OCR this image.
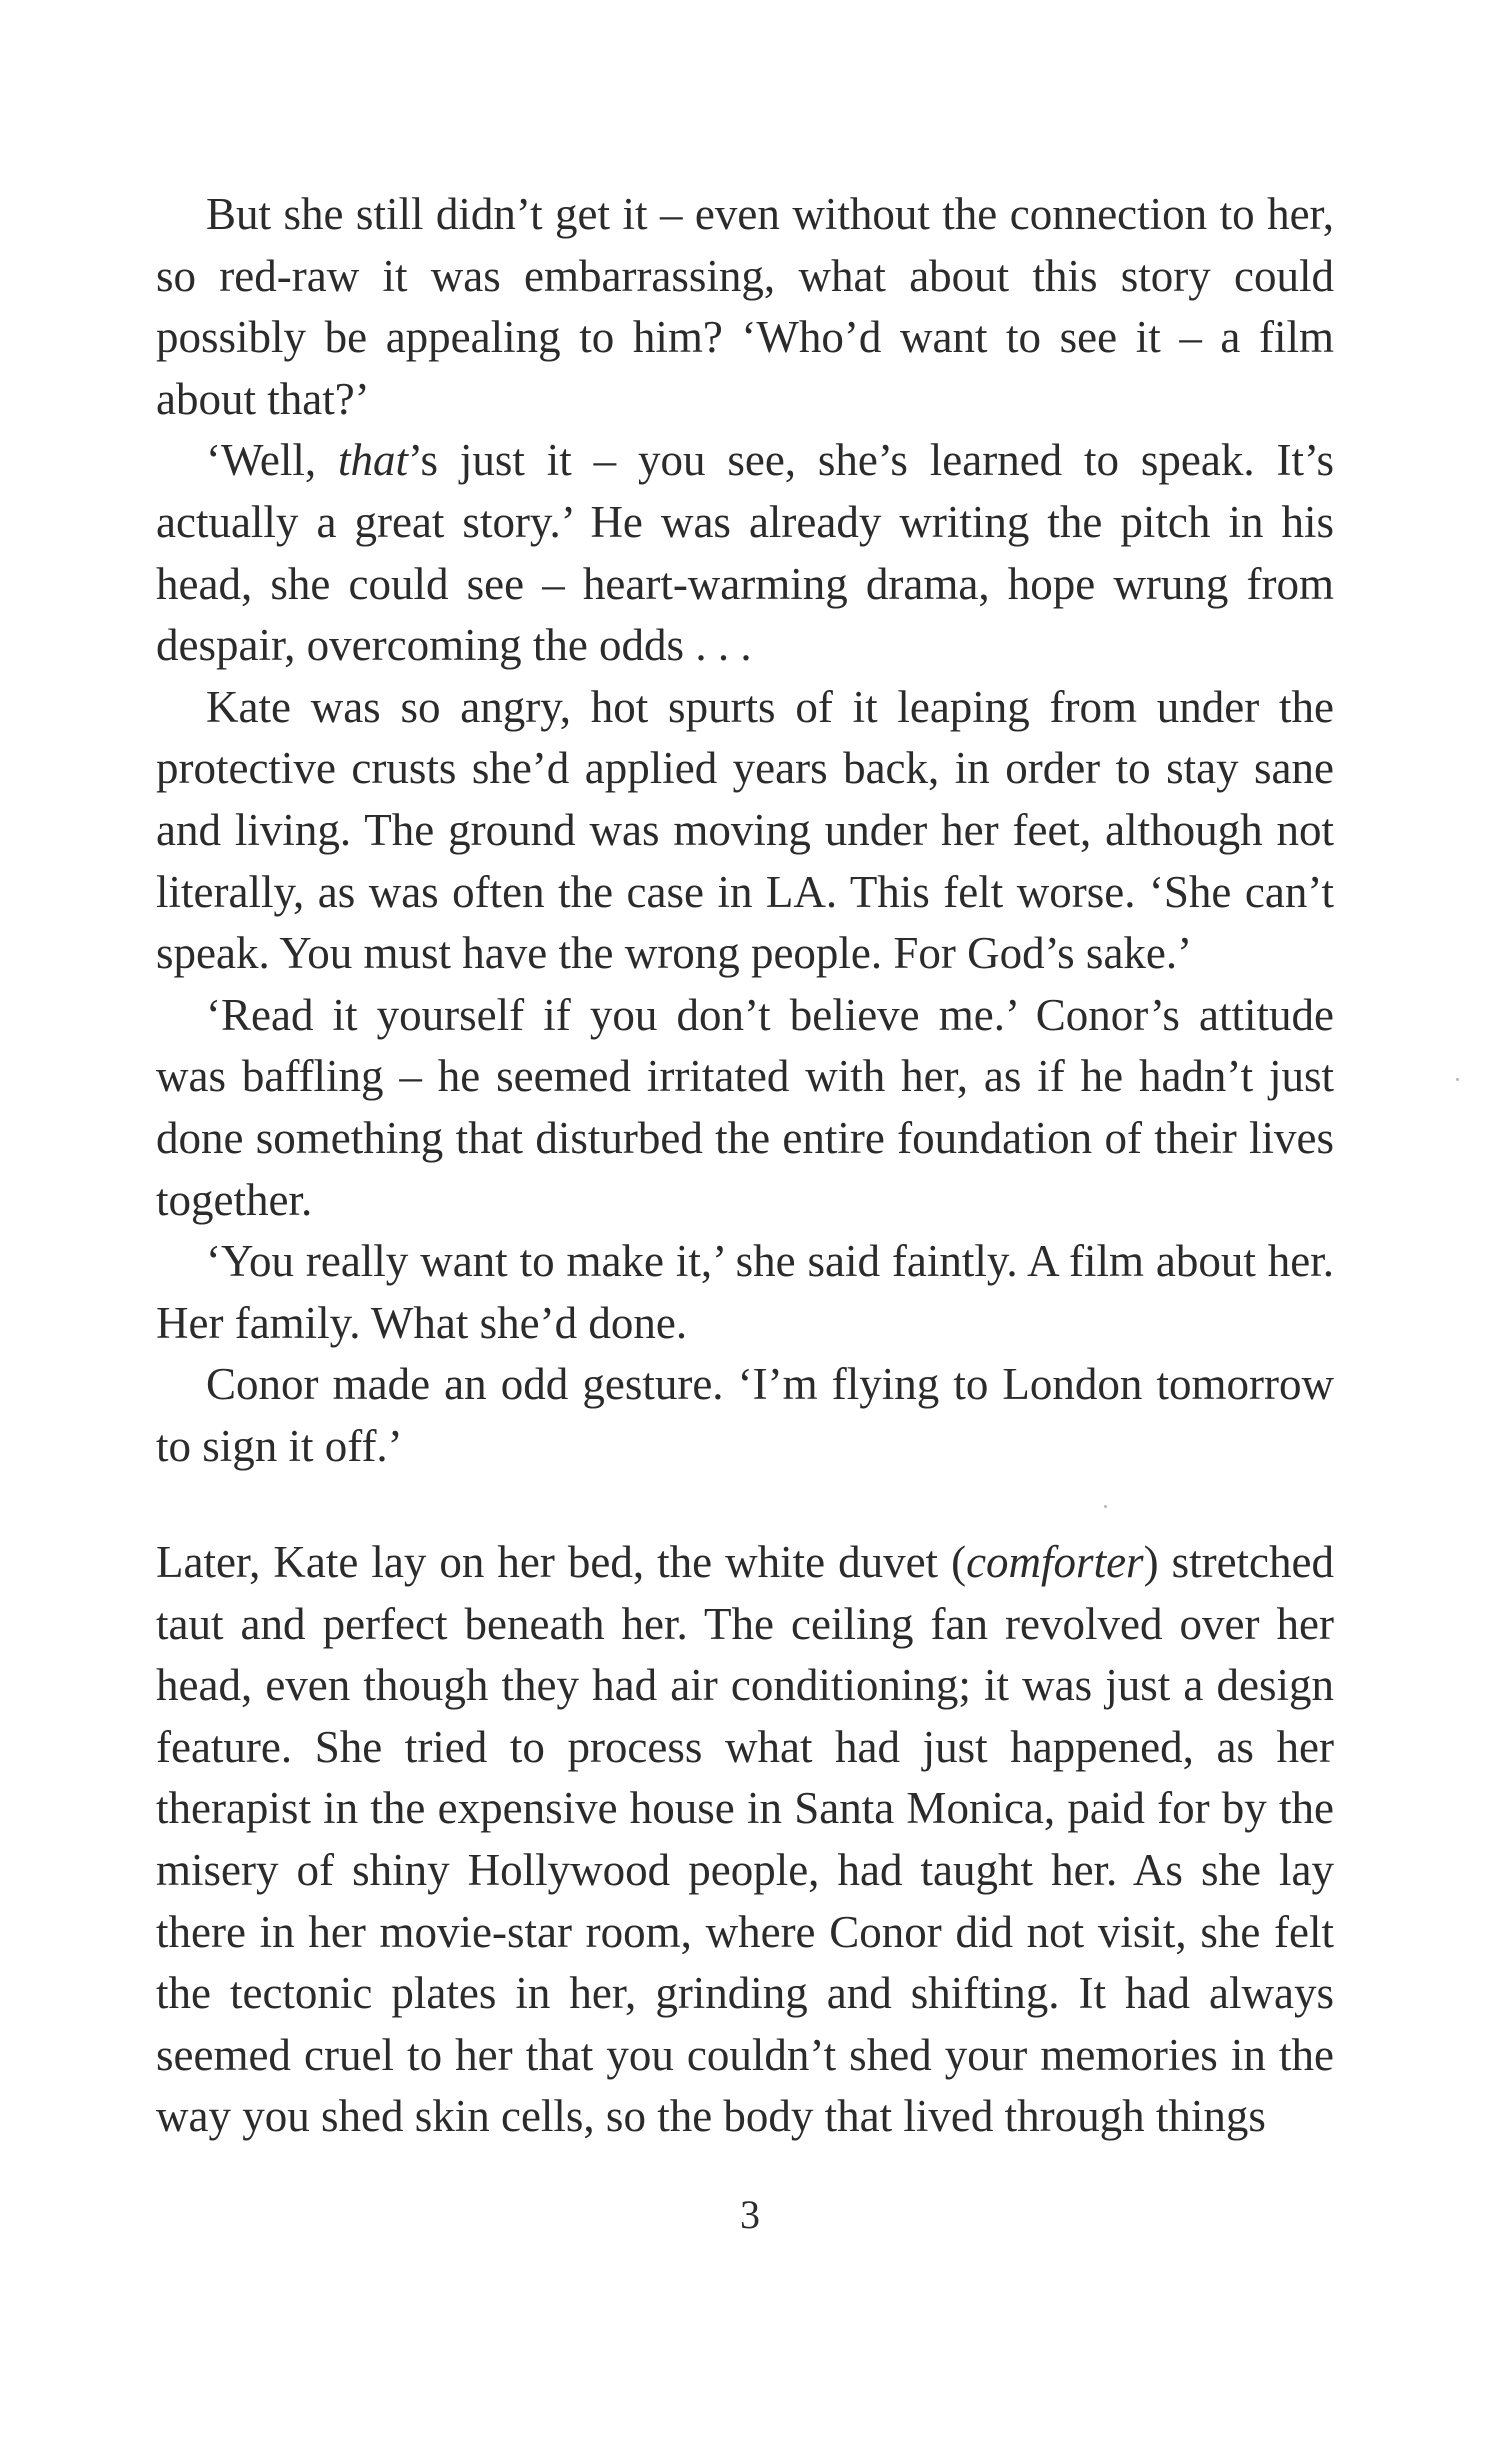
But she still didn’t get it – even without the connection to her, so red-raw it was embarrassing, what about this story could possibly be appealing to him? ‘Who’d want to see it – a film about that?’

‘Well, that’s just it – you see, she’s learned to speak. It’s actually a great story.’ He was already writing the pitch in his head, she could see – heart-warming drama, hope wrung from despair, overcoming the odds . . .

Kate was so angry, hot spurts of it leaping from under the protective crusts she’d applied years back, in order to stay sane and living. The ground was moving under her feet, although not literally, as was often the case in LA. This felt worse. ‘She can’t speak. You must have the wrong people. For God’s sake.’

‘Read it yourself if you don’t believe me.’ Conor’s attitude was baffling – he seemed irritated with her, as if he hadn’t just done something that disturbed the entire foundation of their lives together.

‘You really want to make it,’ she said faintly. A film about her. Her family. What she’d done.

Conor made an odd gesture. ‘I’m flying to London tomorrow to sign it off.’

Later, Kate lay on her bed, the white duvet (comforter) stretched taut and perfect beneath her. The ceiling fan revolved over her head, even though they had air conditioning; it was just a design feature. She tried to process what had just happened, as her therapist in the expensive house in Santa Monica, paid for by the misery of shiny Hollywood people, had taught her. As she lay there in her movie-star room, where Conor did not visit, she felt the tectonic plates in her, grinding and shifting. It had always seemed cruel to her that you couldn’t shed your memories in the way you shed skin cells, so the body that lived through things

3
